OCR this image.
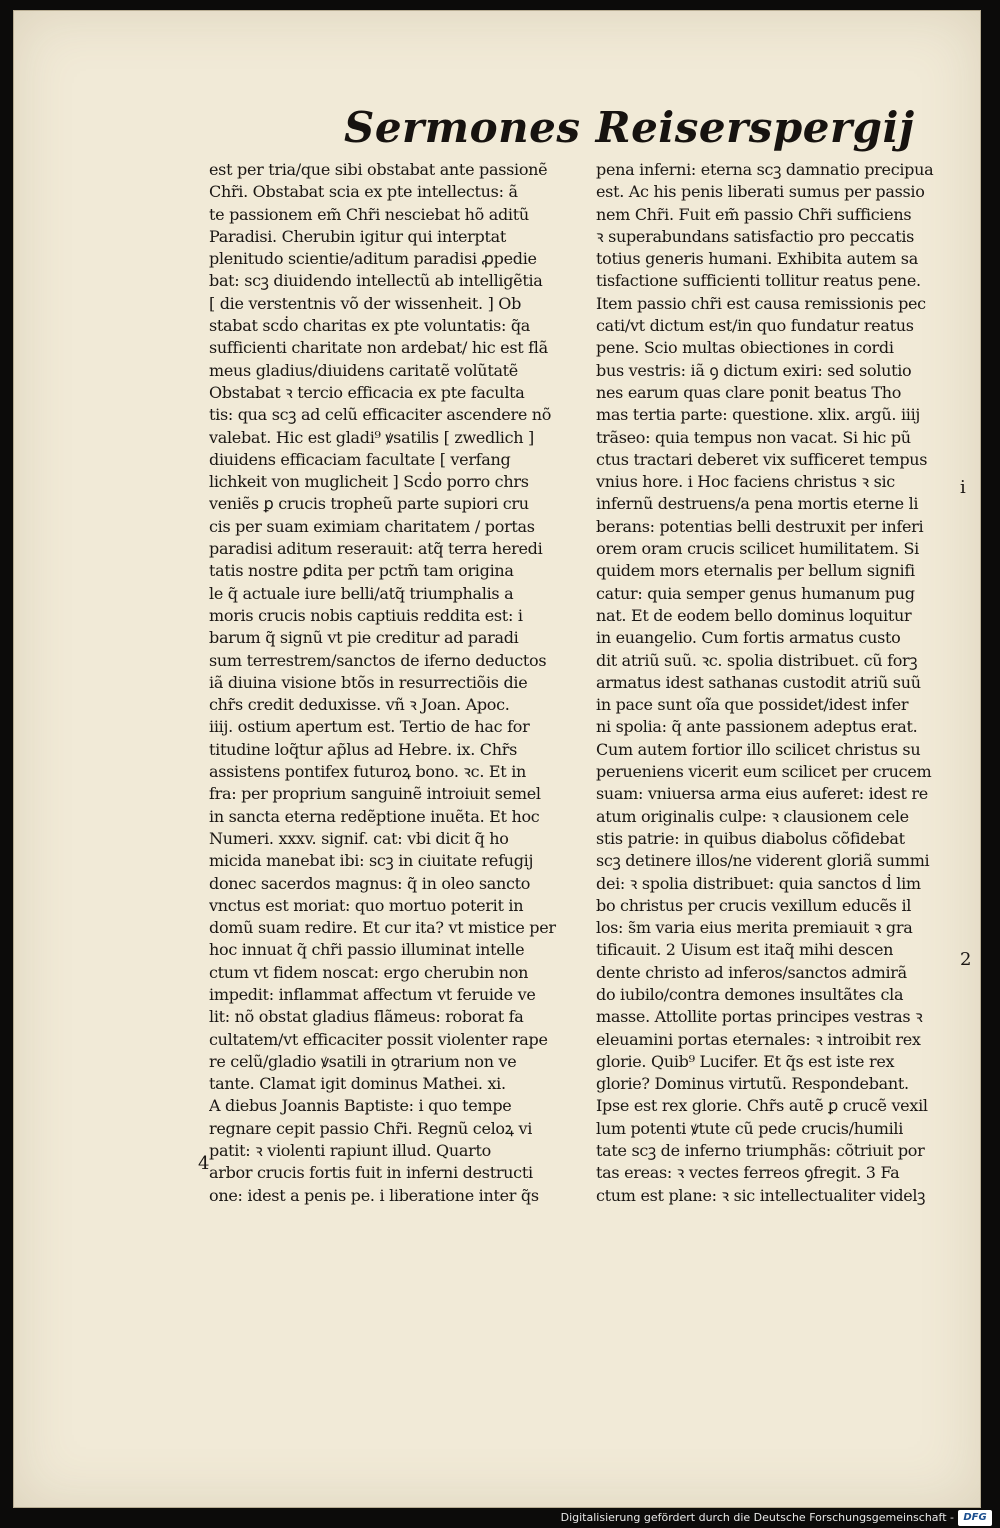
Sermones Reiserspergij
est per tria/que sibi obstabat ante passionẽ
Chr̃i. Obstabat scia ex pte intellectus: ã
te passionem em̃ Chr̃i nesciebat hõ aditũ
Paradisi. Cherubin igitur qui interptat
plenitudo scientie/aditum paradisi ꝓpedie
bat: scꝫ diuidendo intellectũ ab intelligẽtia
[ die verstentnis võ der wissenheit. ] Ob
stabat scḋo charitas ex pte voluntatis: q̃a
sufficienti charitate non ardebat/ hic est flã
meus gladius/diuidens caritatẽ volũtatẽ
Obstabat ꝛ tercio efficacia ex pte faculta
tis: qua scꝫ ad celũ efficaciter ascendere nõ
valebat. Hic est gladi⁹ ꝟsatilis [ zwedlich ]
diuidens efficaciam facultate [ verfang
lichkeit von muglicheit ] Scḋo porro chrs
veniẽs ꝑ crucis tropheũ parte supiori cru
cis per suam eximiam charitatem / portas
paradisi aditum reserauit: atq̃ terra heredi
tatis nostre ꝑdita per pctm̃ tam origina
le q̃ actuale iure belli/atq̃ triumphalis a
moris crucis nobis captiuis reddita est: i
barum q̃ signũ vt pie creditur ad paradi
sum terrestrem/sanctos de iferno deductos
iã diuina visione btõs in resurrectiõis die
chr̃s credit deduxisse. vñ ꝛ Joan. Apoc.
iiij. ostium apertum est. Tertio de hac for
titudine loq̃tur ap̃lus ad Hebre. ix. Chr̃s
assistens pontifex futuroꝝ bono. ꝛc. Et in
fra: per proprium sanguinẽ introiuit semel
in sancta eterna redẽptione inuẽta. Et hoc
Numeri. xxxv. signif. cat: vbi dicit q̃ ho
micida manebat ibi: scꝫ in ciuitate refugij
donec sacerdos magnus: q̃ in oleo sancto
vnctus est moriat: quo mortuo poterit in
domũ suam redire. Et cur ita? vt mistice per
hoc innuat q̃ chr̃i passio illuminat intelle
ctum vt fidem noscat: ergo cherubin non
impedit: inflammat affectum vt feruide ve
lit: nõ obstat gladius flãmeus: roborat fa
cultatem/vt efficaciter possit violenter rape
re celũ/gladio ꝟsatili in ꝯtrarium non ve
tante. Clamat igit dominus Mathei. xi.
A diebus Joannis Baptiste: i quo tempe
regnare cepit passio Chr̃i. Regnũ celoꝝ vi
patit: ꝛ violenti rapiunt illud. Quarto
arbor crucis fortis fuit in inferni destructi
one: idest a penis pe. i liberatione inter q̃s
pena inferni: eterna scꝫ damnatio precipua
est. Ac his penis liberati sumus per passio
nem Chr̃i. Fuit em̃ passio Chr̃i sufficiens
ꝛ superabundans satisfactio pro peccatis
totius generis humani. Exhibita autem sa
tisfactione sufficienti tollitur reatus pene.
Item passio chr̃i est causa remissionis pec
cati/vt dictum est/in quo fundatur reatus
pene. Scio multas obiectiones in cordi
bus vestris: iã ꝯ dictum exiri: sed solutio
nes earum quas clare ponit beatus Tho
mas tertia parte: questione. xlix. argũ. iiij
trãseo: quia tempus non vacat. Si hic pũ
ctus tractari deberet vix sufficeret tempus
vnius hore. i Hoc faciens christus ꝛ sic
infernũ destruens/a pena mortis eterne li
berans: potentias belli destruxit per inferi
orem oram crucis scilicet humilitatem. Si
quidem mors eternalis per bellum signifi
catur: quia semper genus humanum pug
nat. Et de eodem bello dominus loquitur
in euangelio. Cum fortis armatus custo
dit atriũ suũ. ꝛc. spolia distribuet. cũ forꝫ
armatus idest sathanas custodit atriũ suũ
in pace sunt oĩa que possidet/idest infer
ni spolia: q̃ ante passionem adeptus erat.
Cum autem fortior illo scilicet christus su
perueniens vicerit eum scilicet per crucem
suam: vniuersa arma eius auferet: idest re
atum originalis culpe: ꝛ clausionem cele
stis patrie: in quibus diabolus cõfidebat
scꝫ detinere illos/ne viderent gloriã summi
dei: ꝛ spolia distribuet: quia sanctos ḋ lim
bo christus per crucis vexillum educẽs il
los: s̃m varia eius merita premiauit ꝛ gra
tificauit. 2 Uisum est itaq̃ mihi descen
dente christo ad inferos/sanctos admirã
do iubilo/contra demones insultãtes cla
masse. Attollite portas principes vestras ꝛ
eleuamini portas eternales: ꝛ introibit rex
glorie. Quib⁹ Lucifer. Et q̃s est iste rex
glorie? Dominus virtutũ. Respondebant.
Ipse est rex glorie. Chr̃s autẽ ꝑ crucẽ vexil
lum potenti ꝟtute cũ pede crucis/humili
tate scꝫ de inferno triumphãs: cõtriuit por
tas ereas: ꝛ vectes ferreos ꝯfregit. 3 Fa
ctum est plane: ꝛ sic intellectualiter videlꝫ
i
2
4
Digitalisierung gefördert durch die Deutsche Forschungsgemeinschaft - DFG
